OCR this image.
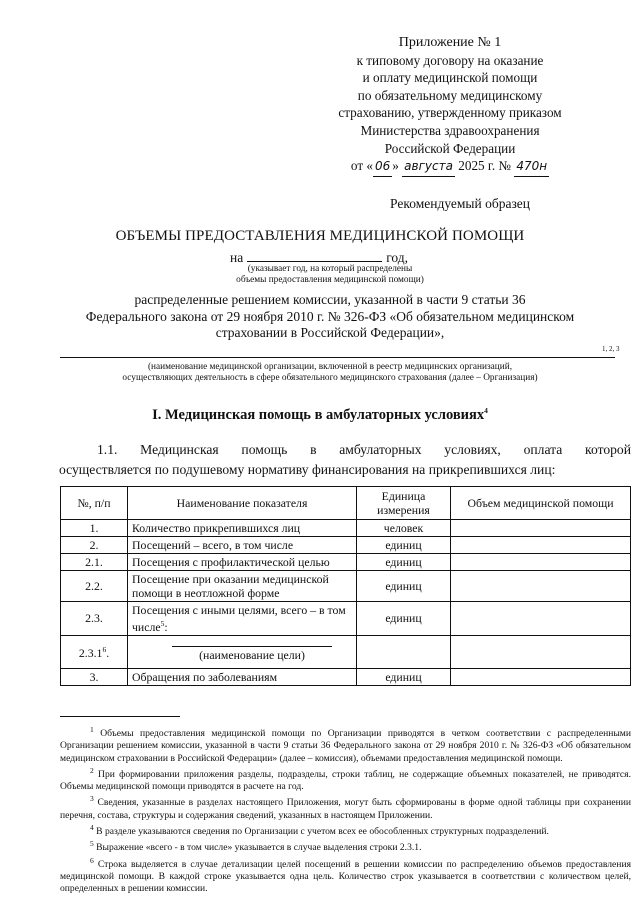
Приложение № 1
к типовому договору на оказание
и оплату медицинской помощи
по обязательному медицинскому
страхованию, утвержденному приказом
Министерства здравоохранения
Российской Федерации
от « 06 » августа 2025 г. № 470н
Рекомендуемый образец
ОБЪЕМЫ ПРЕДОСТАВЛЕНИЯ МЕДИЦИНСКОЙ ПОМОЩИ
на	год,
(указывает год, на который распределены
объемы предоставления медицинской помощи)
распределенные решением комиссии, указанной в части 9 статьи 36
Федерального закона от 29 ноября 2010 г. № 326-ФЗ «Об обязательном медицинском
страховании в Российской Федерации»,
1, 2, 3
(наименование медицинской организации, включенной в реестр медицинских организаций,
осуществляющих деятельность в сфере обязательного медицинского страхования (далее – Организация)
I. Медицинская помощь в амбулаторных условиях$^4$
1.1. Медицинская помощь в амбулаторных условиях, оплата которой
осуществляется по подушевому нормативу финансирования на прикрепившихся лиц:
№, п/п	Наименование показателя	Единица измерения	Объем медицинской помощи
1.	Количество прикрепившихся лиц	человек	
2.	Посещений – всего, в том числе	единиц	
2.1.	Посещения с профилактической целью	единиц	
2.2.	Посещение при оказании медицинской помощи в неотложной форме	единиц	
2.3.	Посещения с иными целями, всего – в том числе$^5$:	единиц	
2.3.1$^6$.	(наименование цели)		

3.	Обращения по заболеваниям	единиц	

$^1$ Объемы предоставления медицинской помощи по Организации приводятся в четком соответствии с распределенными Организации решением комиссии, указанной в части 9 статьи 36 Федерального закона от 29 ноября 2010 г. № 326-ФЗ «Об обязательном медицинском страховании в Российской Федерации» (далее – комиссия), объемами предоставления медицинской помощи.

$^2$ При формировании приложения разделы, подразделы, строки таблиц, не содержащие объемных показателей, не приводятся. Объемы медицинской помощи приводятся в расчете на год.

$^3$ Сведения, указанные в разделах настоящего Приложения, могут быть сформированы в форме одной таблицы при сохранении перечня, состава, структуры и содержания сведений, указанных в настоящем Приложении.

$^4$ В разделе указываются сведения по Организации с учетом всех ее обособленных структурных подразделений.

$^5$ Выражение «всего - в том числе» указывается в случае выделения строки 2.3.1.

$^6$ Строка выделяется в случае детализации целей посещений в решении комиссии по распределению объемов предоставления медицинской помощи. В каждой строке указывается одна цель. Количество строк указывается в соответствии с количеством целей, определенных в решении комиссии.
